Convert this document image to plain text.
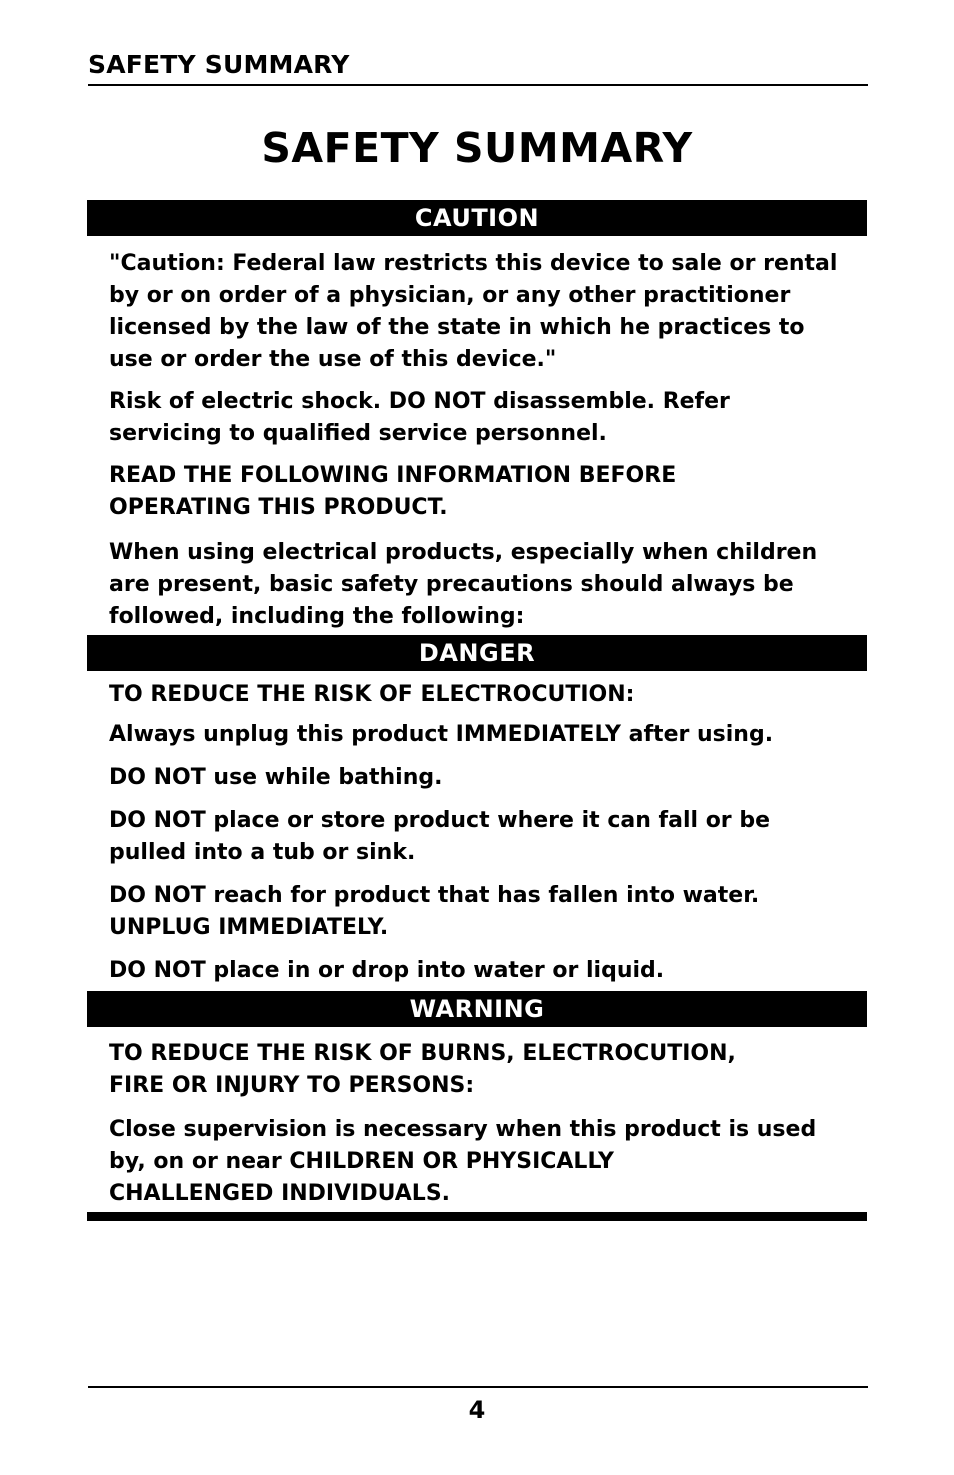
SAFETY SUMMARY
SAFETY SUMMARY
CAUTION

"Caution: Federal law restricts this device to sale or rental
by or on order of a physician, or any other practitioner
licensed by the law of the state in which he practices to
use or order the use of this device."

Risk of electric shock. DO NOT disassemble. Refer
servicing to qualified service personnel.

READ THE FOLLOWING INFORMATION BEFORE
OPERATING THIS PRODUCT.

When using electrical products, especially when children
are present, basic safety precautions should always be
followed, including the following:

DANGER

TO REDUCE THE RISK OF ELECTROCUTION:

Always unplug this product IMMEDIATELY after using.

DO NOT use while bathing.

DO NOT place or store product where it can fall or be
pulled into a tub or sink.

DO NOT reach for product that has fallen into water.
UNPLUG IMMEDIATELY.

DO NOT place in or drop into water or liquid.

WARNING

TO REDUCE THE RISK OF BURNS, ELECTROCUTION,
FIRE OR INJURY TO PERSONS:

Close supervision is necessary when this product is used
by, on or near CHILDREN OR PHYSICALLY
CHALLENGED INDIVIDUALS.

4
